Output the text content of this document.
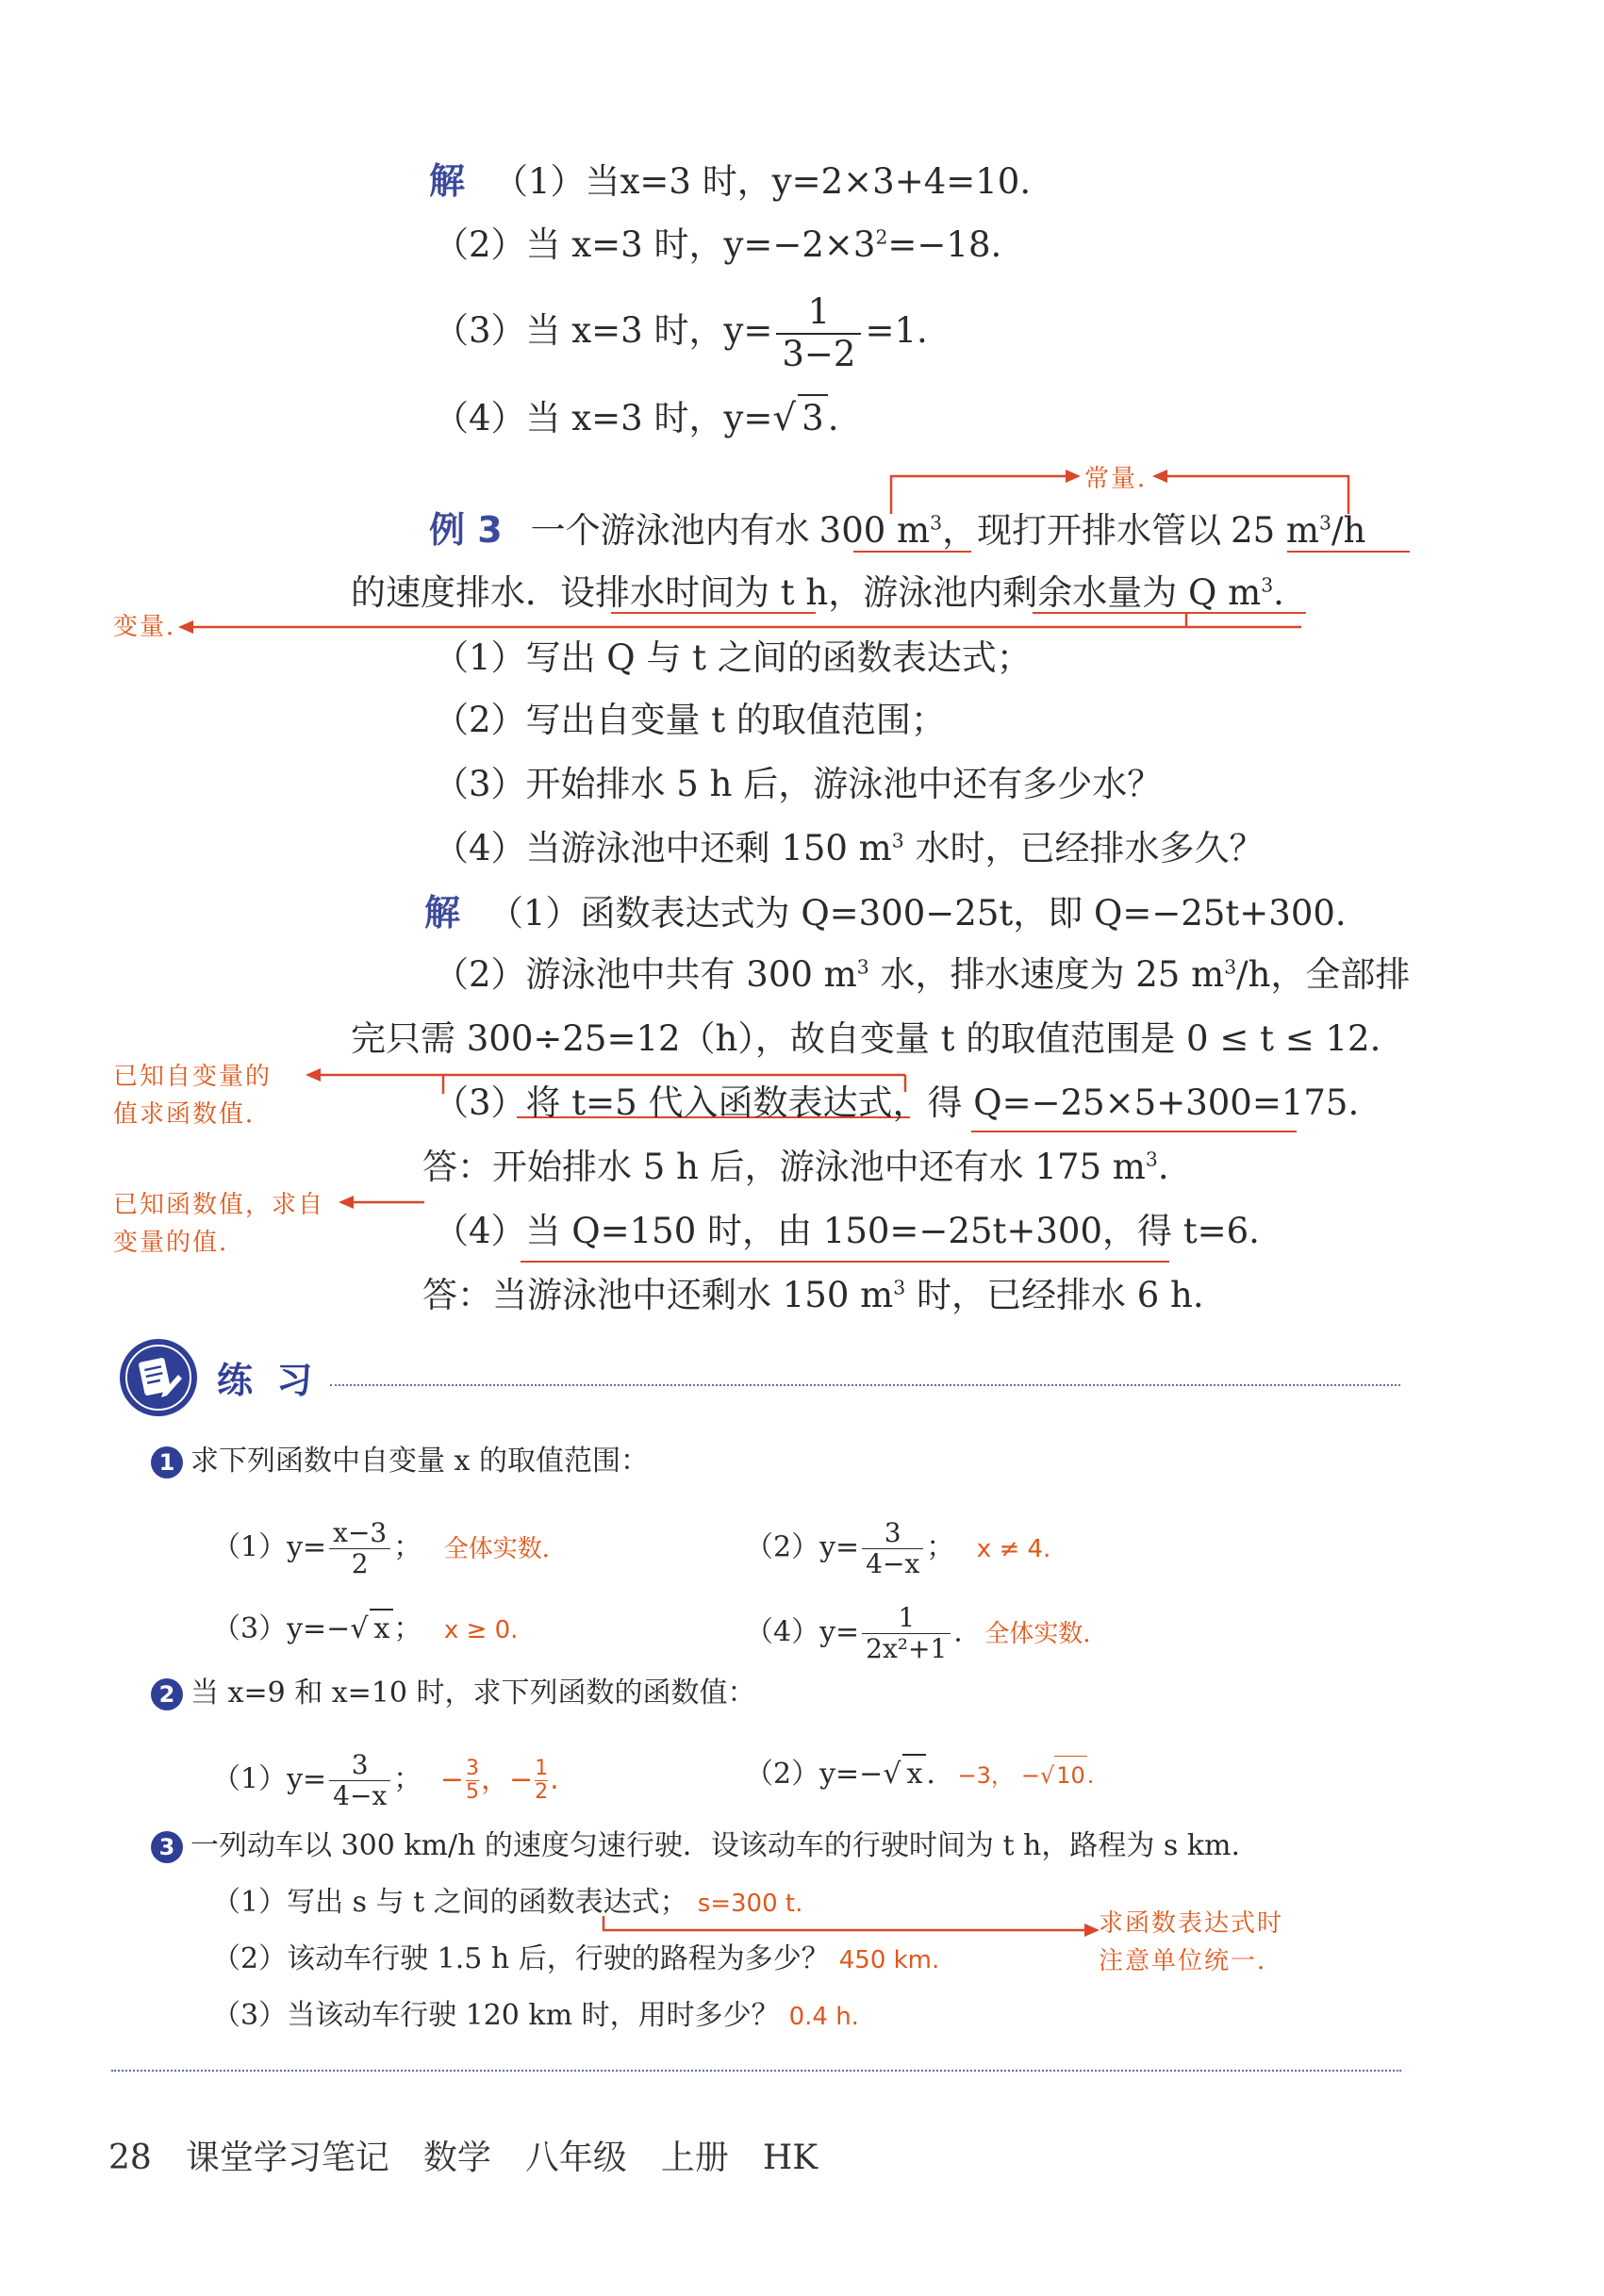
解 （1）当x=3 时，y=2×3+4=10.
（2）当 x=3 时，$y=-2\times 3^2=-18$.
（3）当 x=3 时，$y= \frac{1}{3-2} =1$.
（4）当 x=3 时，y=√ 3 .
常量．
例 3 一个游泳池内有水 300 $m^3$，现打开排水管以 25 $m^3/h$
的速度排水．设排水时间为 t h，游泳池内剩余水量为 Q $m^3$.
变量．
（1）写出 Q 与 t 之间的函数表达式；
（2）写出自变量 t 的取值范围；
（3）开始排水 5 h 后，游泳池中还有多少水？
（4）当游泳池中还剩 150 $m^3$ 水时，已经排水多久？
解 （1）函数表达式为 Q=300−25t，即 Q=−25t+300.
（2）游泳池中共有 300 $m^3$ 水，排水速度为 25 $m^3/h$，全部排
完只需 300÷25=12（h），故自变量 t 的取值范围是 0 ≤ t ≤ 12.
已知自变量的
值求函数值．	（3）将 t=5 代入函数表达式，得 Q=−25×5+300=175.
答：开始排水 5 h 后，游泳池中还有水 175 $m^3$.
已知函数值，求自
变量的值．	（4）当 Q=150 时，由 150=−25t+300，得 t=6.
答：当游泳池中还剩水 150 $m^3$ 时，已经排水 6 h.
练 习
1 求下列函数中自变量 x 的取值范围：
$(1)y= \frac{x-3}{2}$ ； 全体实数．	$(2)y= \frac{3}{4-x}$ ； x ≠ 4.
（3）y=−√ x ； x ≥ 0.	$(4)y= \frac{1}{\text{2x²+1}}$ . 全体实数．
2 当 x=9 和 x=10 时，求下列函数的函数值：
$(1)y= \frac{3}{4-x}$ ； − $\frac{3}{5}$ ，− $\frac{1}{2}$ .	（2）y=−√ x . −3， −√10.
3 一列动车以 300 km/h 的速度匀速行驶．设该动车的行驶时间为 t h，路程为 s km.
（1）写出 s 与 t 之间的函数表达式； s=300 t.
（2）该动车行驶 1.5 h 后，行驶的路程为多少？ 450 km.
（3）当该动车行驶 120 km 时，用时多少？ 0.4 h.
求函数表达式时
注意单位统一．
28 课堂学习笔记 数学 八年级 上册 HK
